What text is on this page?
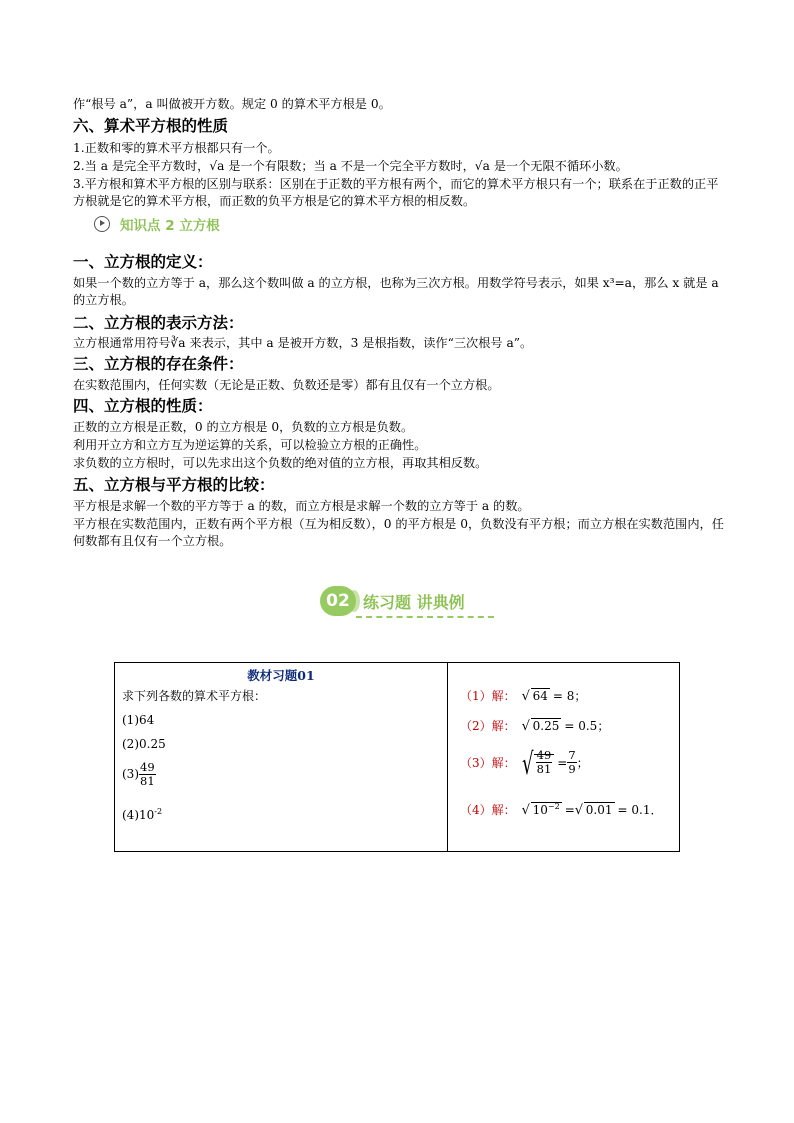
作“根号 a”，a 叫做被开方数。规定 0 的算术平方根是 0。
六、算术平方根的性质
1.正数和零的算术平方根都只有一个。
2.当 a 是完全平方数时，√a 是一个有限数；当 a 不是一个完全平方数时，√a 是一个无限不循环小数。
3.平方根和算术平方根的区别与联系：区别在于正数的平方根有两个，而它的算术平方根只有一个；联系在于正数的正平方根就是它的算术平方根，而正数的负平方根是它的算术平方根的相反数。
知识点 2 立方根
一、立方根的定义：
如果一个数的立方等于 a，那么这个数叫做 a 的立方根，也称为三次方根。用数学符号表示，如果 x³=a，那么 x 就是 a 的立方根。
二、立方根的表示方法：
立方根通常用符号∛a 来表示，其中 a 是被开方数，3 是根指数，读作“三次根号 a”。
三、立方根的存在条件：
在实数范围内，任何实数（无论是正数、负数还是零）都有且仅有一个立方根。
四、立方根的性质：
正数的立方根是正数，0 的立方根是 0，负数的立方根是负数。
利用开立方和立方互为逆运算的关系，可以检验立方根的正确性。
求负数的立方根时，可以先求出这个负数的绝对值的立方根，再取其相反数。
五、立方根与平方根的比较：
平方根是求解一个数的平方等于 a 的数，而立方根是求解一个数的立方等于 a 的数。
平方根在实数范围内，正数有两个平方根（互为相反数），0 的平方根是 0，负数没有平方根；而立方根在实数范围内，任何数都有且仅有一个立方根。
02 练习题 讲典例
教材习题01
求下列各数的算术平方根：
(1)64
(2)0.25
$(3) \frac{49}{81}$
$(4)10^{-2}$
（1）解： √ 64 = 8；
（2）解： √ 0.25 = 0.5；
（3）解： √ $\frac{49}{81} = \frac{7}{9}$ ；
（4）解： √ $10^{-2}$ = √ 0.01 = 0.1．
